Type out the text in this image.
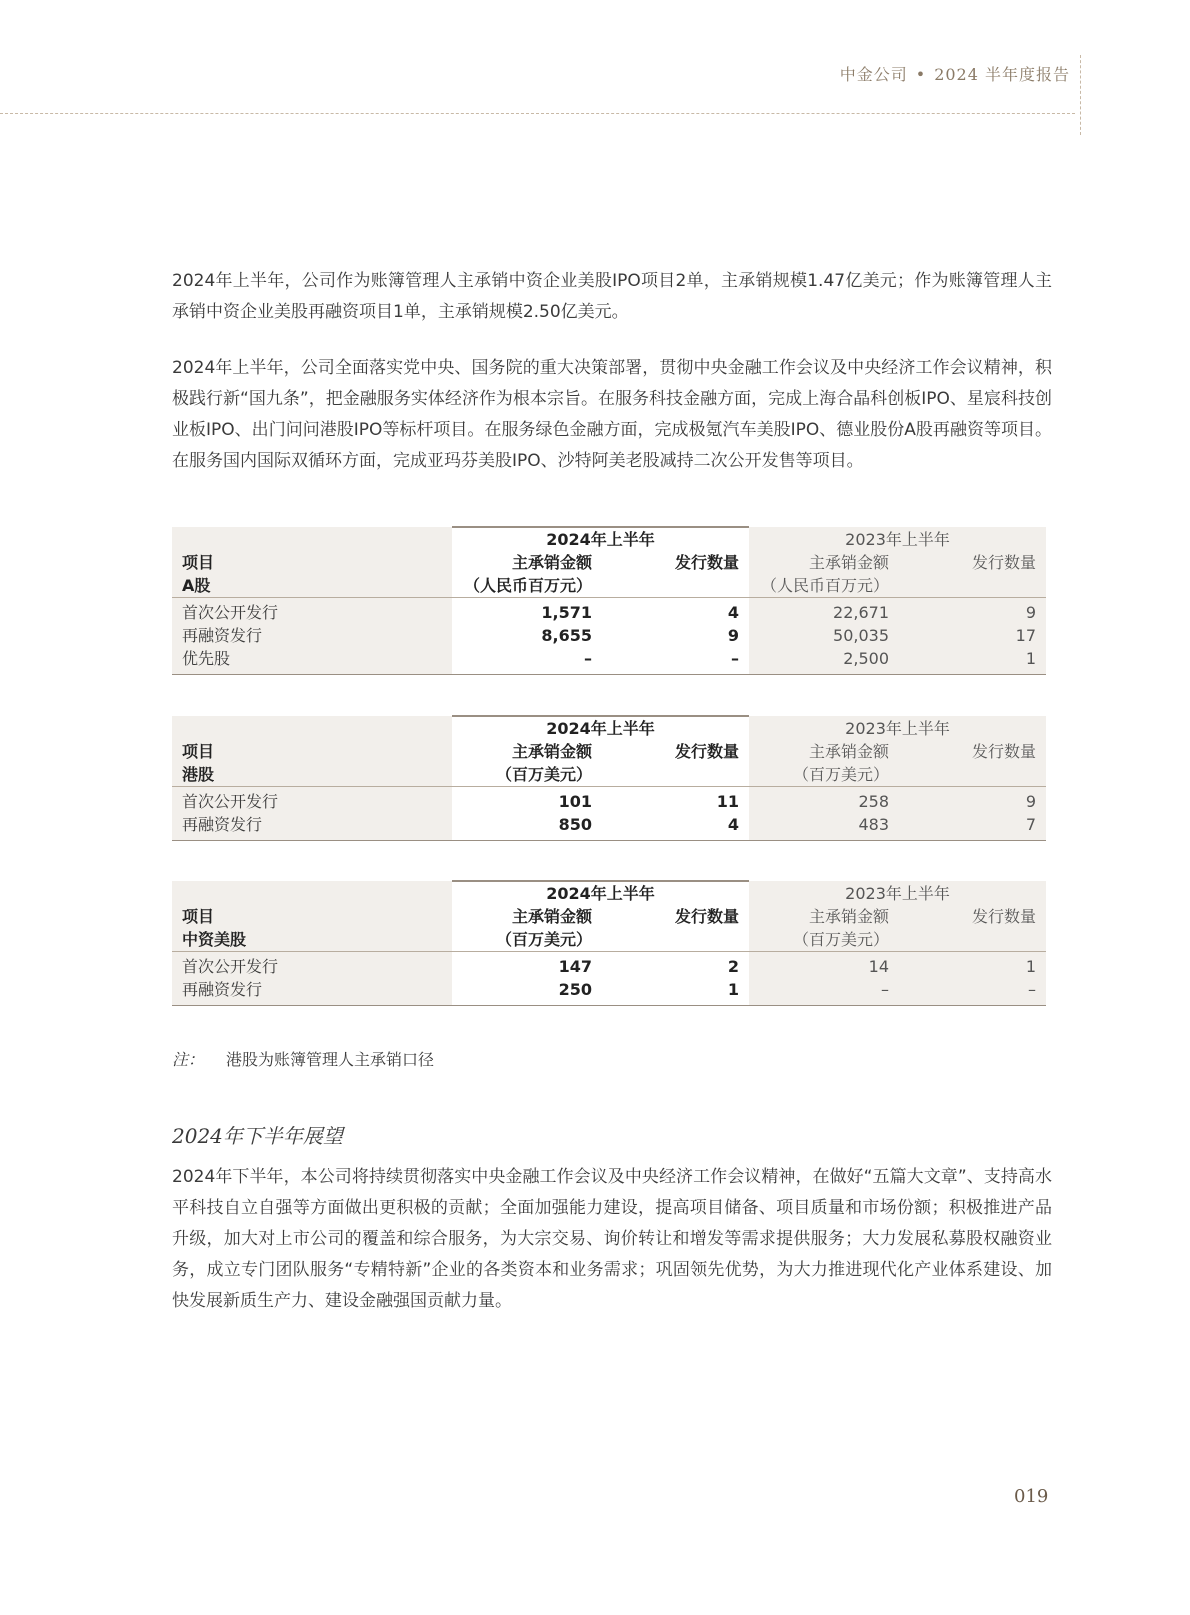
中金公司 • 2024 半年度报告

2024年上半年，公司作为账簿管理人主承销中资企业美股IPO项目2单，主承销规模1.47亿美元；作为账簿管理人主承销中资企业美股再融资项目1单，主承销规模2.50亿美元。

2024年上半年，公司全面落实党中央、国务院的重大决策部署，贯彻中央金融工作会议及中央经济工作会议精神，积极践行新“国九条”，把金融服务实体经济作为根本宗旨。在服务科技金融方面，完成上海合晶科创板IPO、星宸科技创业板IPO、出门问问港股IPO等标杆项目。在服务绿色金融方面，完成极氪汽车美股IPO、德业股份A股再融资等项目。在服务国内国际双循环方面，完成亚玛芬美股IPO、沙特阿美老股减持二次公开发售等项目。

	2024年上半年		2023年上半年	
项目	主承销金额	发行数量	主承销金额	发行数量
A股	（人民币百万元）		（人民币百万元）	
首次公开发行	1,571	4	22,671	9
再融资发行	8,655	9	50,035	17
优先股	–	–	2,500	1
	2024年上半年		2023年上半年	
项目	主承销金额	发行数量	主承销金额	发行数量
港股	（百万美元）		（百万美元）	
首次公开发行	101	11	258	9
再融资发行	850	4	483	7
	2024年上半年		2023年上半年	
项目	主承销金额	发行数量	主承销金额	发行数量
中资美股	（百万美元）		（百万美元）	
首次公开发行	147	2	14	1
再融资发行	250	1	–	–
注： 港股为账簿管理人主承销口径
2024年下半年展望

2024年下半年，本公司将持续贯彻落实中央金融工作会议及中央经济工作会议精神，在做好“五篇大文章”、支持高水平科技自立自强等方面做出更积极的贡献；全面加强能力建设，提高项目储备、项目质量和市场份额；积极推进产品升级，加大对上市公司的覆盖和综合服务，为大宗交易、询价转让和增发等需求提供服务；大力发展私募股权融资业务，成立专门团队服务“专精特新”企业的各类资本和业务需求；巩固领先优势，为大力推进现代化产业体系建设、加快发展新质生产力、建设金融强国贡献力量。

019
